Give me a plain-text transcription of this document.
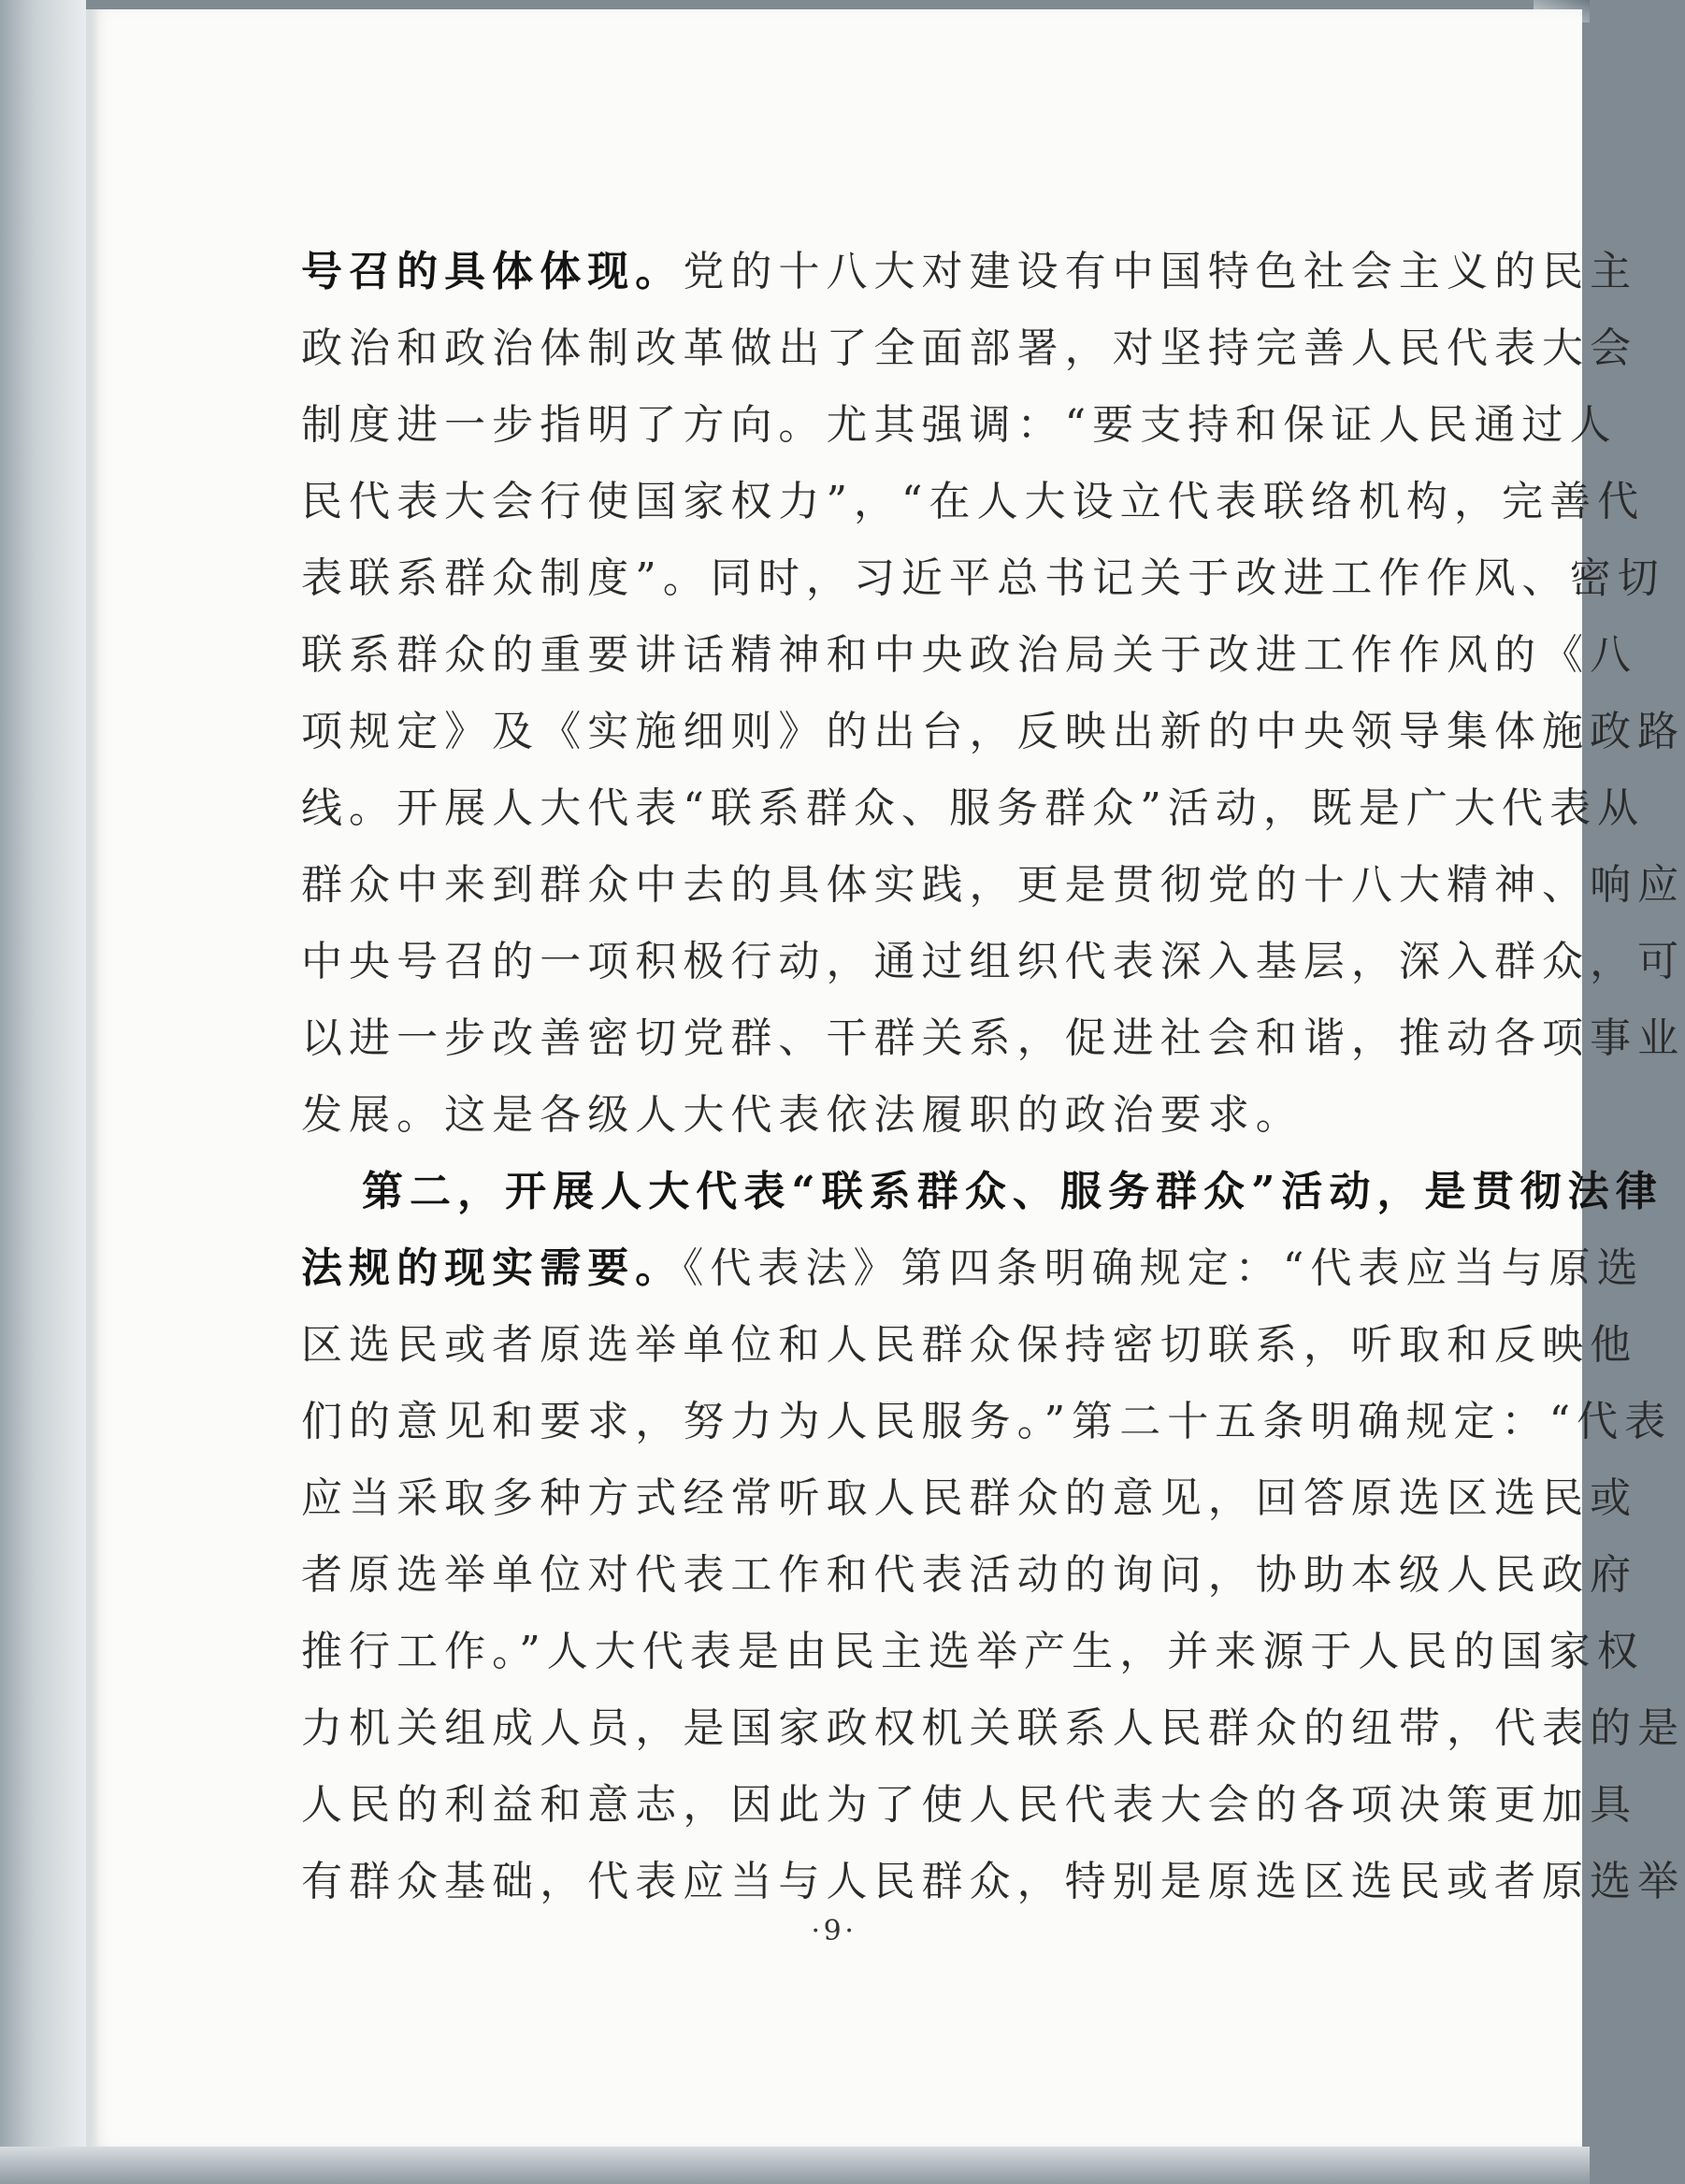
号召的具体体现。党的十八大对建设有中国特色社会主义的民主
政治和政治体制改革做出了全面部署，对坚持完善人民代表大会
制度进一步指明了方向。尤其强调：“要支持和保证人民通过人
民代表大会行使国家权力”，“在人大设立代表联络机构，完善代
表联系群众制度”。同时，习近平总书记关于改进工作作风、密切
联系群众的重要讲话精神和中央政治局关于改进工作作风的《八
项规定》及《实施细则》的出台，反映出新的中央领导集体施政路
线。开展人大代表“联系群众、服务群众”活动，既是广大代表从
群众中来到群众中去的具体实践，更是贯彻党的十八大精神、响应
中央号召的一项积极行动，通过组织代表深入基层，深入群众，可
以进一步改善密切党群、干群关系，促进社会和谐，推动各项事业
发展。这是各级人大代表依法履职的政治要求。
第二，开展人大代表“联系群众、服务群众”活动，是贯彻法律
法规的现实需要。《代表法》第四条明确规定：“代表应当与原选
区选民或者原选举单位和人民群众保持密切联系，听取和反映他
们的意见和要求，努力为人民服务。”第二十五条明确规定：“代表
应当采取多种方式经常听取人民群众的意见，回答原选区选民或
者原选举单位对代表工作和代表活动的询问，协助本级人民政府
推行工作。”人大代表是由民主选举产生，并来源于人民的国家权
力机关组成人员，是国家政权机关联系人民群众的纽带，代表的是
人民的利益和意志，因此为了使人民代表大会的各项决策更加具
有群众基础，代表应当与人民群众，特别是原选区选民或者原选举
·9·
